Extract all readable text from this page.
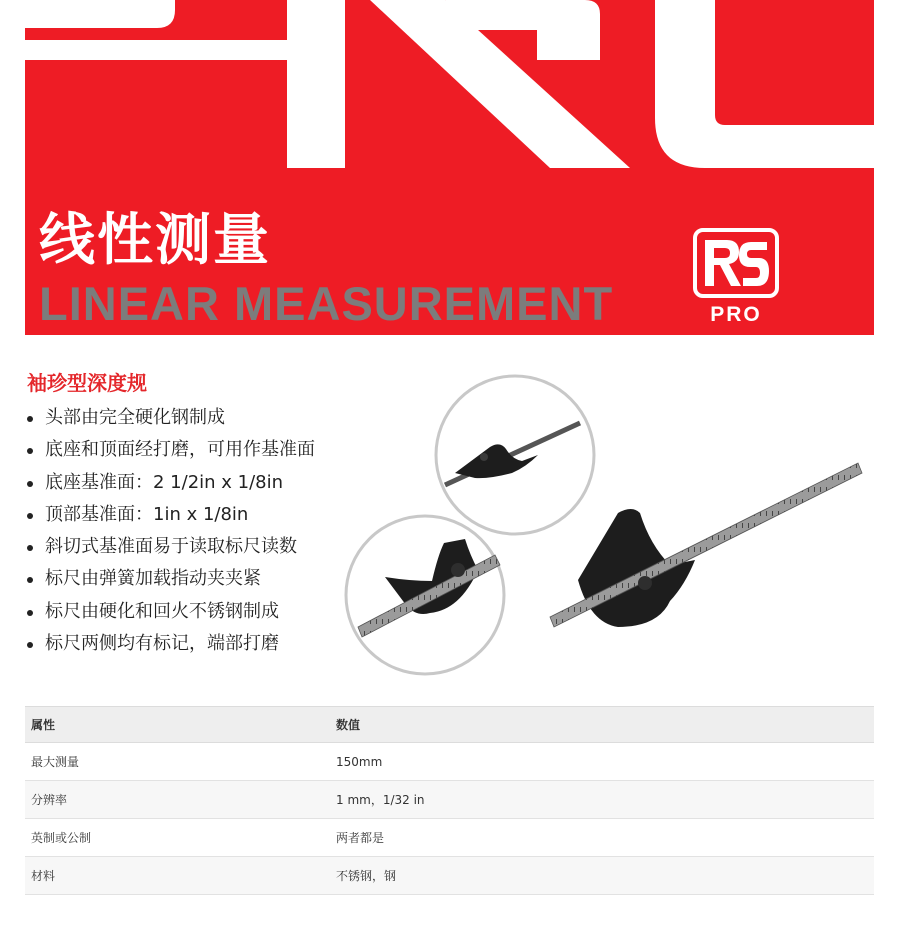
线性测量
LINEAR MEASUREMENT	PRO
袖珍型深度规
头部由完全硬化钢制成
底座和顶面经打磨，可用作基准面
底座基准面：2 1/2in x 1/8in
顶部基准面：1in x 1/8in
斜切式基准面易于读取标尺读数
标尺由弹簧加载指动夹夹紧
标尺由硬化和回火不锈钢制成
标尺两侧均有标记，端部打磨
属性	数值
最大测量	150mm
分辨率	1 mm，1/32 in
英制或公制	两者都是
材料	不锈钢，钢
